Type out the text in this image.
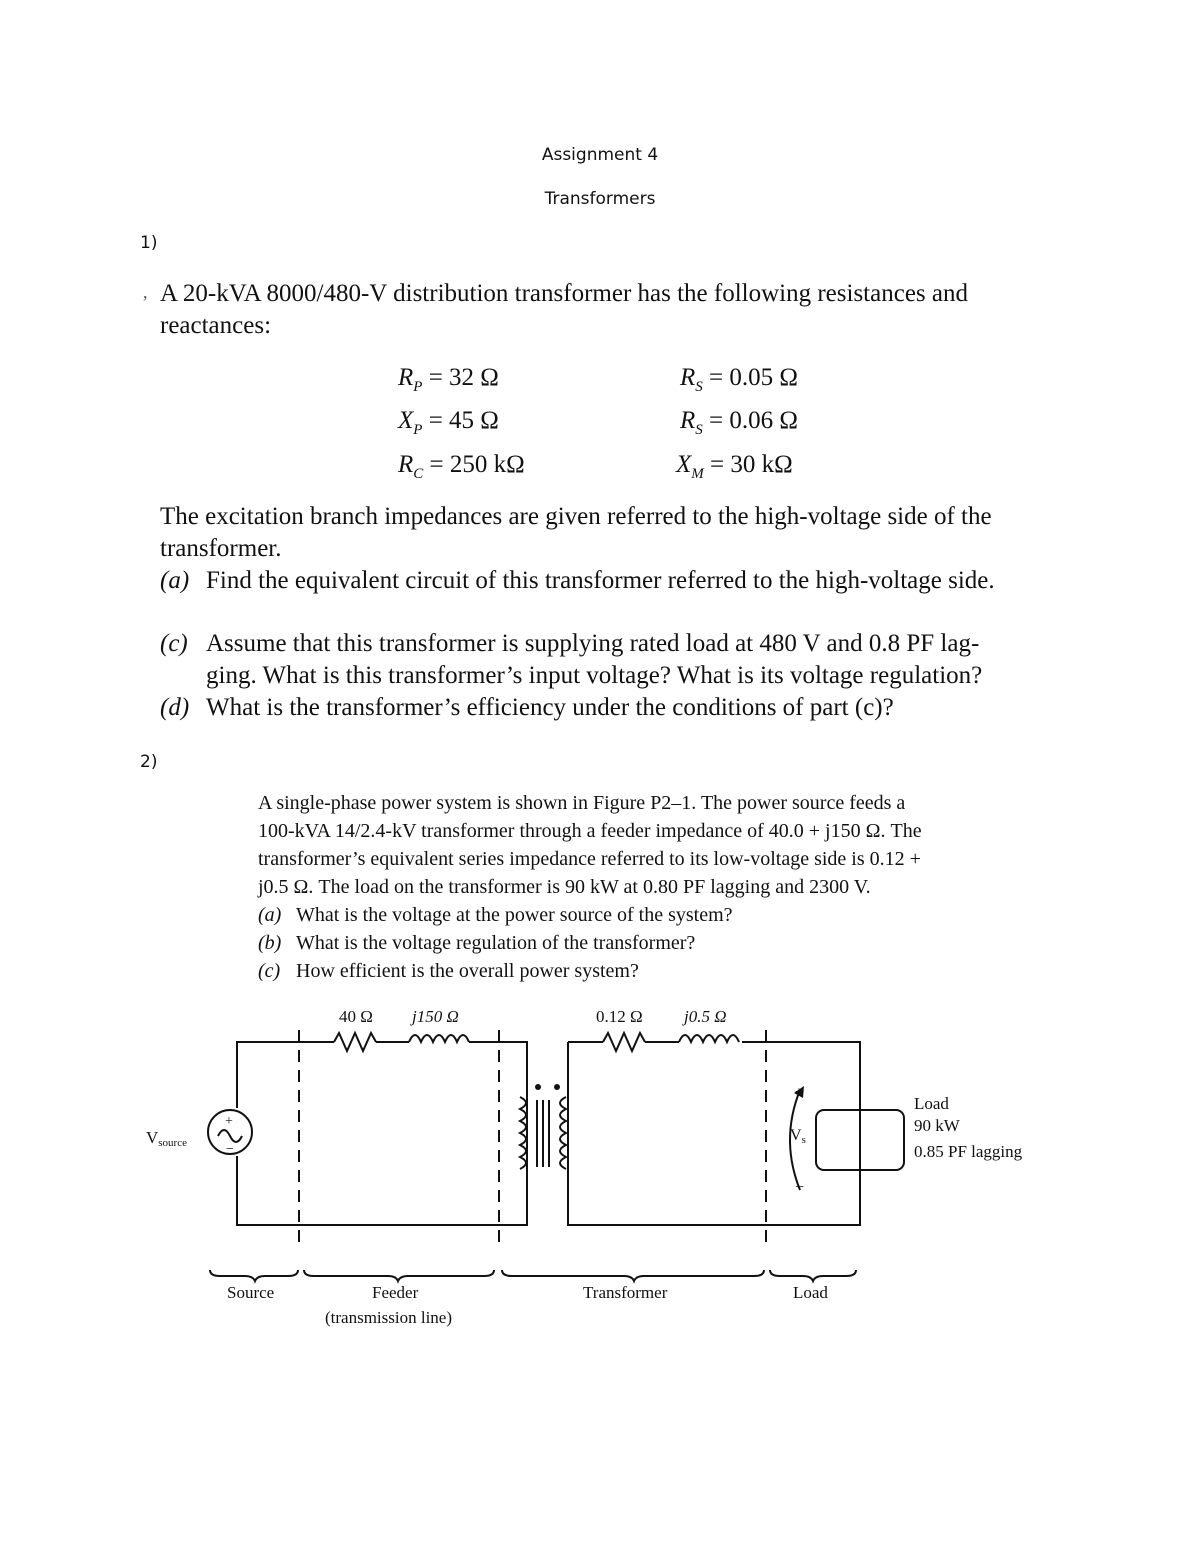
Assignment 4
Transformers
1)
, A 20-kVA 8000/480-V distribution transformer has the following resistances and
reactances:
$R_P = 32$ Ω	$R_S = 0.05$ Ω
$X_P = 45$ Ω	$R_S = 0.06$ Ω
$R_C = 250$ kΩ	$X_M = 30$ kΩ
The excitation branch impedances are given referred to the high-voltage side of the
transformer.
(a) Find the equivalent circuit of this transformer referred to the high-voltage side.
(c) Assume that this transformer is supplying rated load at 480 V and 0.8 PF lag-
ging. What is this transformer’s input voltage? What is its voltage regulation?
(d) What is the transformer’s efficiency under the conditions of part (c)?
2)
A single-phase power system is shown in Figure P2–1. The power source feeds a
100-kVA 14/2.4-kV transformer through a feeder impedance of 40.0 + j150 Ω. The
transformer’s equivalent series impedance referred to its low-voltage side is 0.12 +
j0.5 Ω. The load on the transformer is 90 kW at 0.80 PF lagging and 2300 V.
(a) What is the voltage at the power source of the system?
(b) What is the voltage regulation of the transformer?
(c) How efficient is the overall power system?
40 Ω j150 Ω	0.12 Ω j0.5 Ω
Vsource
+
−
+
−
Vs
Load
90 kW
0.85 PF lagging
Source	Feeder
(transmission line)
Transformer	Load
